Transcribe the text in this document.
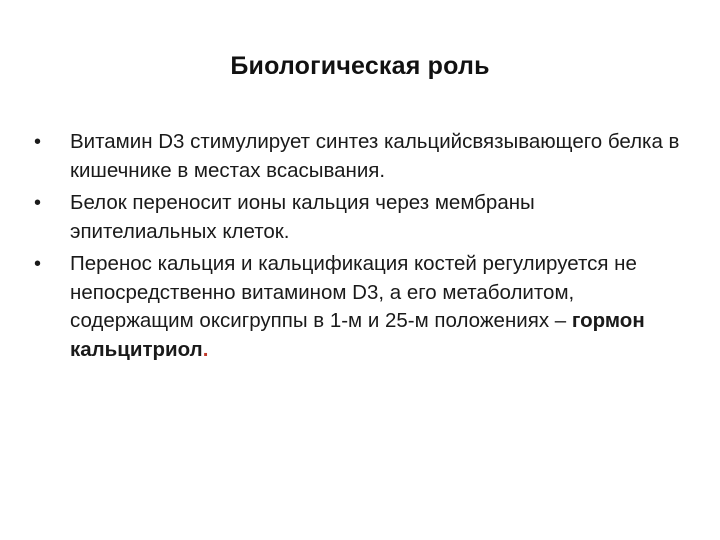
Биологическая роль
• Витамин D3 стимулирует синтез кальцийсвязывающего белка в кишечнике в местах всасывания.
• Белок переносит ионы кальция через мембраны эпителиальных клеток.
• Перенос кальция и кальцификация костей регулируется не непосредственно витамином D3, а его метаболитом, содержащим оксигруппы в 1-м и 25-м положениях – гормон кальцитриол.
